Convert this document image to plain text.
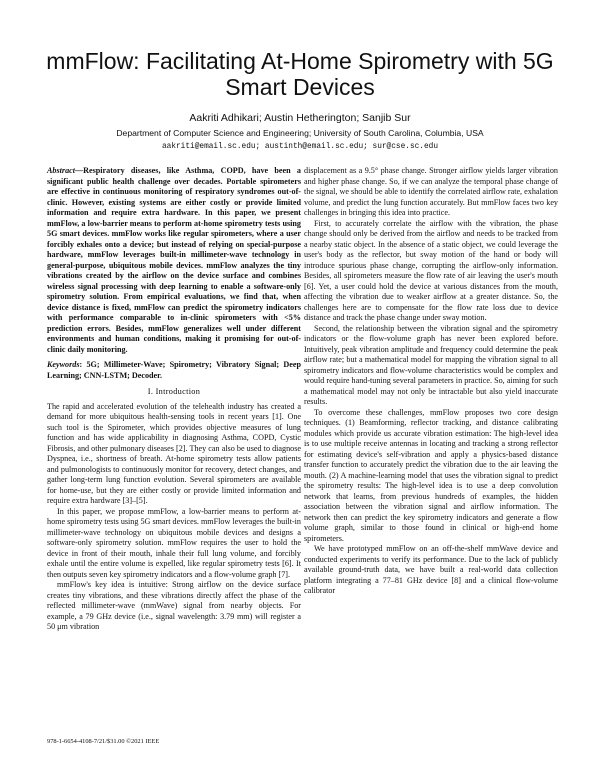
mmFlow: Facilitating At-Home Spirometry with 5G Smart Devices
Aakriti Adhikari; Austin Hetherington; Sanjib Sur
Department of Computer Science and Engineering; University of South Carolina, Columbia, USA
aakriti@email.sc.edu; austinth@email.sc.edu; sur@cse.sc.edu

Abstract—Respiratory diseases, like Asthma, COPD, have been a significant public health challenge over decades. Portable spirometers are effective in continuous monitoring of respiratory syndromes out-of-clinic. However, existing systems are either costly or provide limited information and require extra hardware. In this paper, we present mmFlow, a low-barrier means to perform at-home spirometry tests using 5G smart devices. mmFlow works like regular spirometers, where a user forcibly exhales onto a device; but instead of relying on special-purpose hardware, mmFlow leverages built-in millimeter-wave technology in general-purpose, ubiquitous mobile devices. mmFlow analyzes the tiny vibrations created by the airflow on the device surface and combines wireless signal processing with deep learning to enable a software-only spirometry solution. From empirical evaluations, we find that, when device distance is fixed, mmFlow can predict the spirometry indicators with performance comparable to in-clinic spirometers with <5% prediction errors. Besides, mmFlow generalizes well under different environments and human conditions, making it promising for out-of-clinic daily monitoring.

Keywords: 5G; Millimeter-Wave; Spirometry; Vibratory Signal; Deep Learning; CNN-LSTM; Decoder.

I. Introduction

The rapid and accelerated evolution of the telehealth industry has created a demand for more ubiquitous health-sensing tools in recent years [1]. One such tool is the Spirometer, which provides objective measures of lung function and has wide applicability in diagnosing Asthma, COPD, Cystic Fibrosis, and other pulmonary diseases [2]. They can also be used to diagnose Dyspnea, i.e., shortness of breath. At-home spirometry tests allow patients and pulmonologists to continuously monitor for recovery, detect changes, and gather long-term lung function evolution. Several spirometers are available for home-use, but they are either costly or provide limited information and require extra hardware [3]–[5].

In this paper, we propose mmFlow, a low-barrier means to perform at-home spirometry tests using 5G smart devices. mmFlow leverages the built-in millimeter-wave technology on ubiquitous mobile devices and designs a software-only spirometry solution. mmFlow requires the user to hold the device in front of their mouth, inhale their full lung volume, and forcibly exhale until the entire volume is expelled, like regular spirometry tests [6]. It then outputs seven key spirometry indicators and a flow-volume graph [7].

mmFlow's key idea is intuitive: Strong airflow on the device surface creates tiny vibrations, and these vibrations directly affect the phase of the reflected millimeter-wave (mmWave) signal from nearby objects. For example, a 79 GHz device (i.e., signal wavelength: 3.79 mm) will register a 50 μm vibration

displacement as a 9.5° phase change. Stronger airflow yields larger vibration and higher phase change. So, if we can analyze the temporal phase change of the signal, we should be able to identify the correlated airflow rate, exhalation volume, and predict the lung function accurately. But mmFlow faces two key challenges in bringing this idea into practice.

First, to accurately correlate the airflow with the vibration, the phase change should only be derived from the airflow and needs to be tracked from a nearby static object. In the absence of a static object, we could leverage the user's body as the reflector, but sway motion of the hand or body will introduce spurious phase change, corrupting the airflow-only information. Besides, all spirometers measure the flow rate of air leaving the user's mouth [6]. Yet, a user could hold the device at various distances from the mouth, affecting the vibration due to weaker airflow at a greater distance. So, the challenges here are to compensate for the flow rate loss due to device distance and track the phase change under sway motion.

Second, the relationship between the vibration signal and the spirometry indicators or the flow-volume graph has never been explored before. Intuitively, peak vibration amplitude and frequency could determine the peak airflow rate; but a mathematical model for mapping the vibration signal to all spirometry indicators and flow-volume characteristics would be complex and would require hand-tuning several parameters in practice. So, aiming for such a mathematical model may not only be intractable but also yield inaccurate results.

To overcome these challenges, mmFlow proposes two core design techniques. (1) Beamforming, reflector tracking, and distance calibrating modules which provide us accurate vibration estimation: The high-level idea is to use multiple receive antennas in locating and tracking a strong reflector for estimating device's self-vibration and apply a physics-based distance transfer function to accurately predict the vibration due to the air leaving the mouth. (2) A machine-learning model that uses the vibration signal to predict the spirometry results: The high-level idea is to use a deep convolution network that learns, from previous hundreds of examples, the hidden association between the vibration signal and airflow information. The network then can predict the key spirometry indicators and generate a flow volume graph, similar to those found in clinical or high-end home spirometers.

We have prototyped mmFlow on an off-the-shelf mmWave device and conducted experiments to verify its performance. Due to the lack of publicly available ground-truth data, we have built a real-world data collection platform integrating a 77–81 GHz device [8] and a clinical flow-volume calibrator

978-1-6654-4108-7/21/$31.00 ©2021 IEEE
